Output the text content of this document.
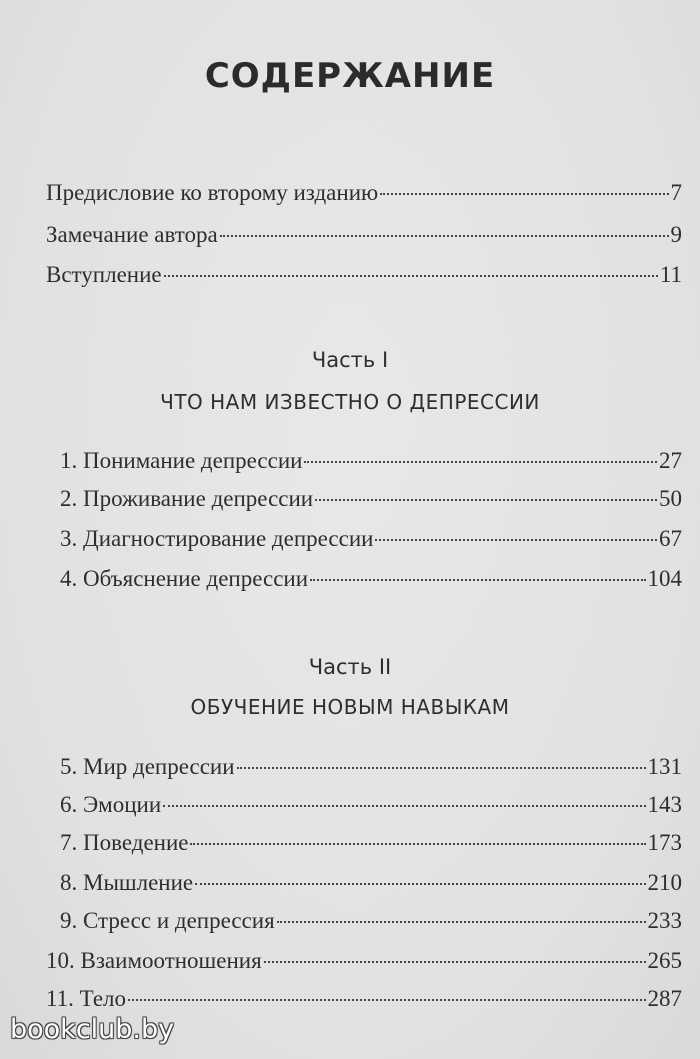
СОДЕРЖАНИЕ
Предисловие ко второму изданию	7
Замечание автора	9
Вступление	11
Часть I
ЧТО НАМ ИЗВЕСТНО О ДЕПРЕССИИ
1. Понимание депрессии	27
2. Проживание депрессии	50
3. Диагностирование депрессии	67
4. Объяснение депрессии	104
Часть II
ОБУЧЕНИЕ НОВЫМ НАВЫКАМ
5. Мир депрессии	131
6. Эмоции	143
7. Поведение	173
8. Мышление	210
9. Стресс и депрессия	233
10. Взаимоотношения	265
11. Тело	287
bookclub.by
